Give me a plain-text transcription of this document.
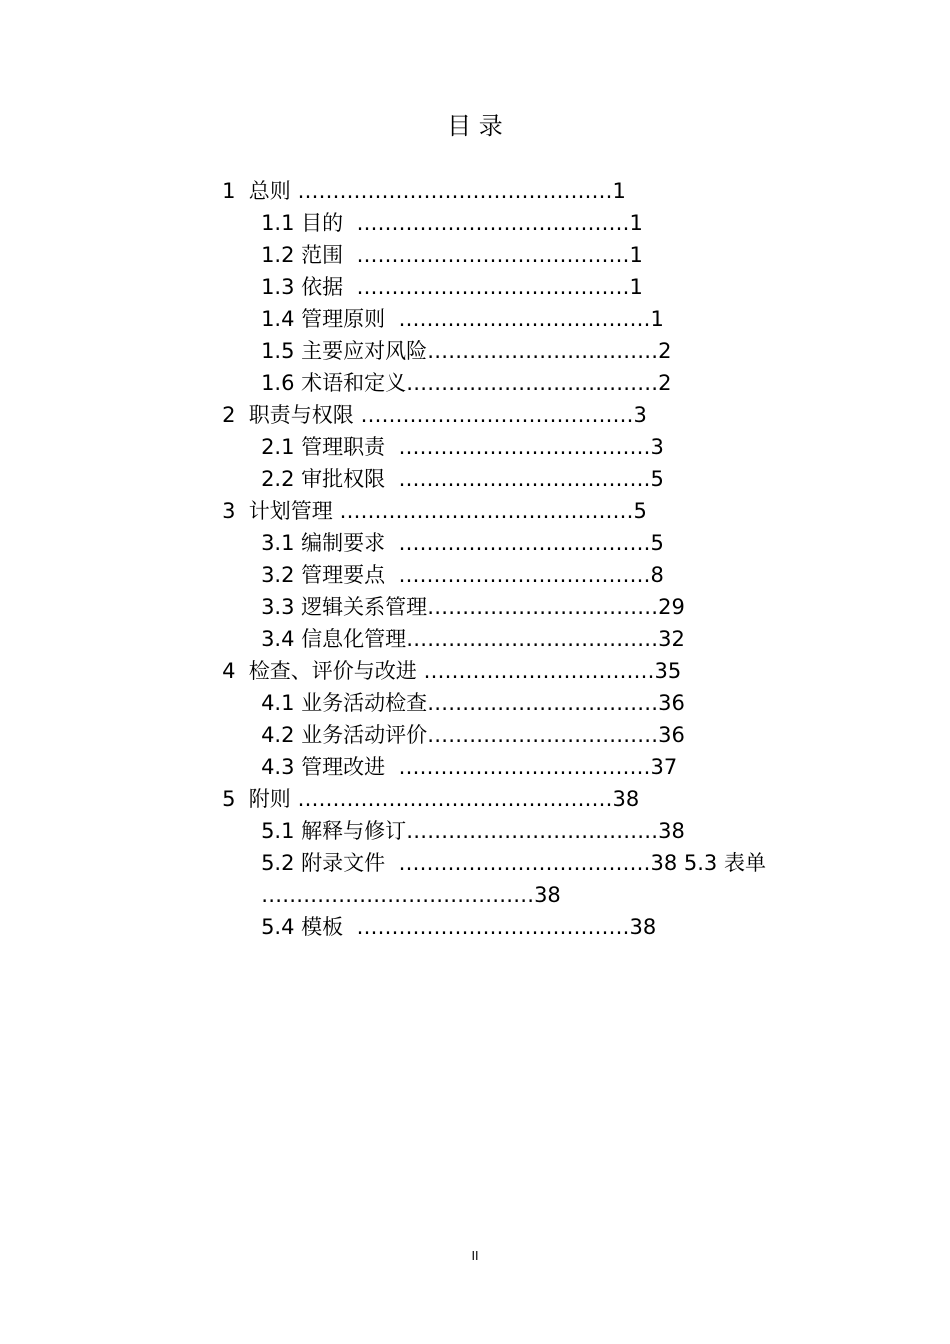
目 录

1  总则 ………………………………………1

1.1 目的  …………………………………1

1.2 范围  …………………………………1

1.3 依据  …………………………………1

1.4 管理原则  ………………………………1

1.5 主要应对风险……………………………2

1.6 术语和定义………………………………2

2  职责与权限 …………………………………3

2.1 管理职责  ………………………………3

2.2 审批权限  ………………………………5

3  计划管理 ……………………………………5

3.1 编制要求  ………………………………5

3.2 管理要点  ………………………………8

3.3 逻辑关系管理……………………………29

3.4 信息化管理………………………………32

4  检查、评价与改进 ……………………………35

4.1 业务活动检查……………………………36

4.2 业务活动评价……………………………36

4.3 管理改进  ………………………………37

5  附则 ………………………………………38

5.1 解释与修订………………………………38

5.2 附录文件  ………………………………38 5.3 表单

…………………………………38

5.4 模板  …………………………………38

II
